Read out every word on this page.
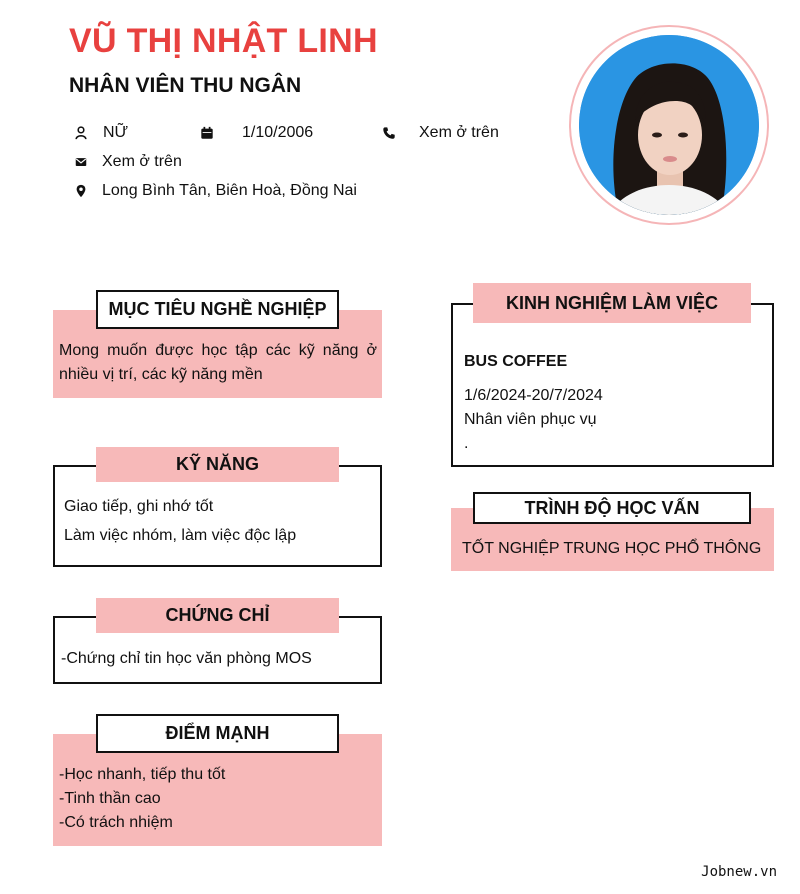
VŨ THỊ NHẬT LINH
NHÂN VIÊN THU NGÂN
NỮ	1/10/2006	Xem ở trên
Xem ở trên
Long Bình Tân, Biên Hoà, Đồng Nai
MỤC TIÊU NGHỀ NGHIỆP
Mong muốn được học tập các kỹ năng ở nhiều vị trí, các kỹ năng mền
KỸ NĂNG
Giao tiếp, ghi nhớ tốt
Làm việc nhóm, làm việc độc lập
CHỨNG CHỈ
-Chứng chỉ tin học văn phòng MOS
ĐIỂM MẠNH
-Học nhanh, tiếp thu tốt
-Tinh thần cao
-Có trách nhiệm
KINH NGHIỆM LÀM VIỆC
BUS COFFEE
1/6/2024-20/7/2024
Nhân viên phục vụ
.
TRÌNH ĐỘ HỌC VẤN
TỐT NGHIỆP TRUNG HỌC PHỔ THÔNG
Jobnew.vn
